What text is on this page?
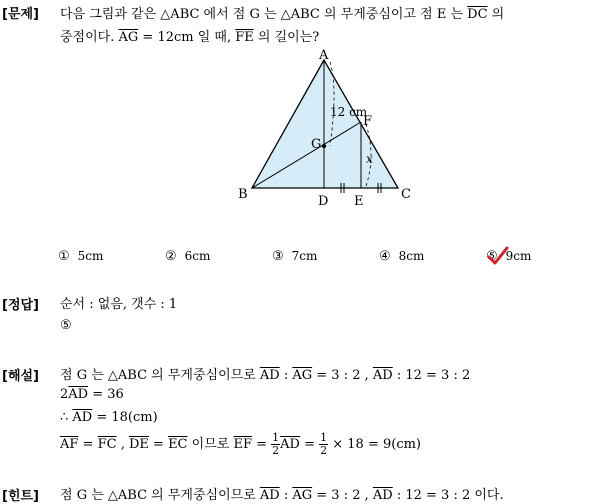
[문제] 다음 그림과 같은 △ABC 에서 점 G 는 △ABC 의 무게중심이고 점 E 는 $\overline{DC}$ 의
중점이다. $\overline{AG} = 12cm$ 일 때, $\overline{FE}$ 의 길이는?
A
B	C
D E
F
G
12 cm
x
① 5cm	② 6cm	③ 7cm	④ 8cm	⑤ 9cm
[정답] 순서 : 없음, 갯수 : 1
⑤
[해설] 점 G 는 △ABC 의 무게중심이므로 $\overline{AD}$ : $\overline{AG} = 3$ : 2 , $\overline{AD}$ : 12 = 3 : 2
$2\overline{AD} = 36$
∴ $\overline{AD} = 18(cm)$
$\overline{AF} = \overline{FC}$ , $\overline{DE} = \overline{EC}$ 이므로 $\overline{EF} = \frac{1}{2} \overline{AD} = \frac{1}{2} \times 18 = 9(cm)$
[힌트] 점 G 는 △ABC 의 무게중심이므로 $\overline{AD}$ : $\overline{AG} = 3$ : 2 , $\overline{AD}$ : 12 = 3 : 2 이다.
